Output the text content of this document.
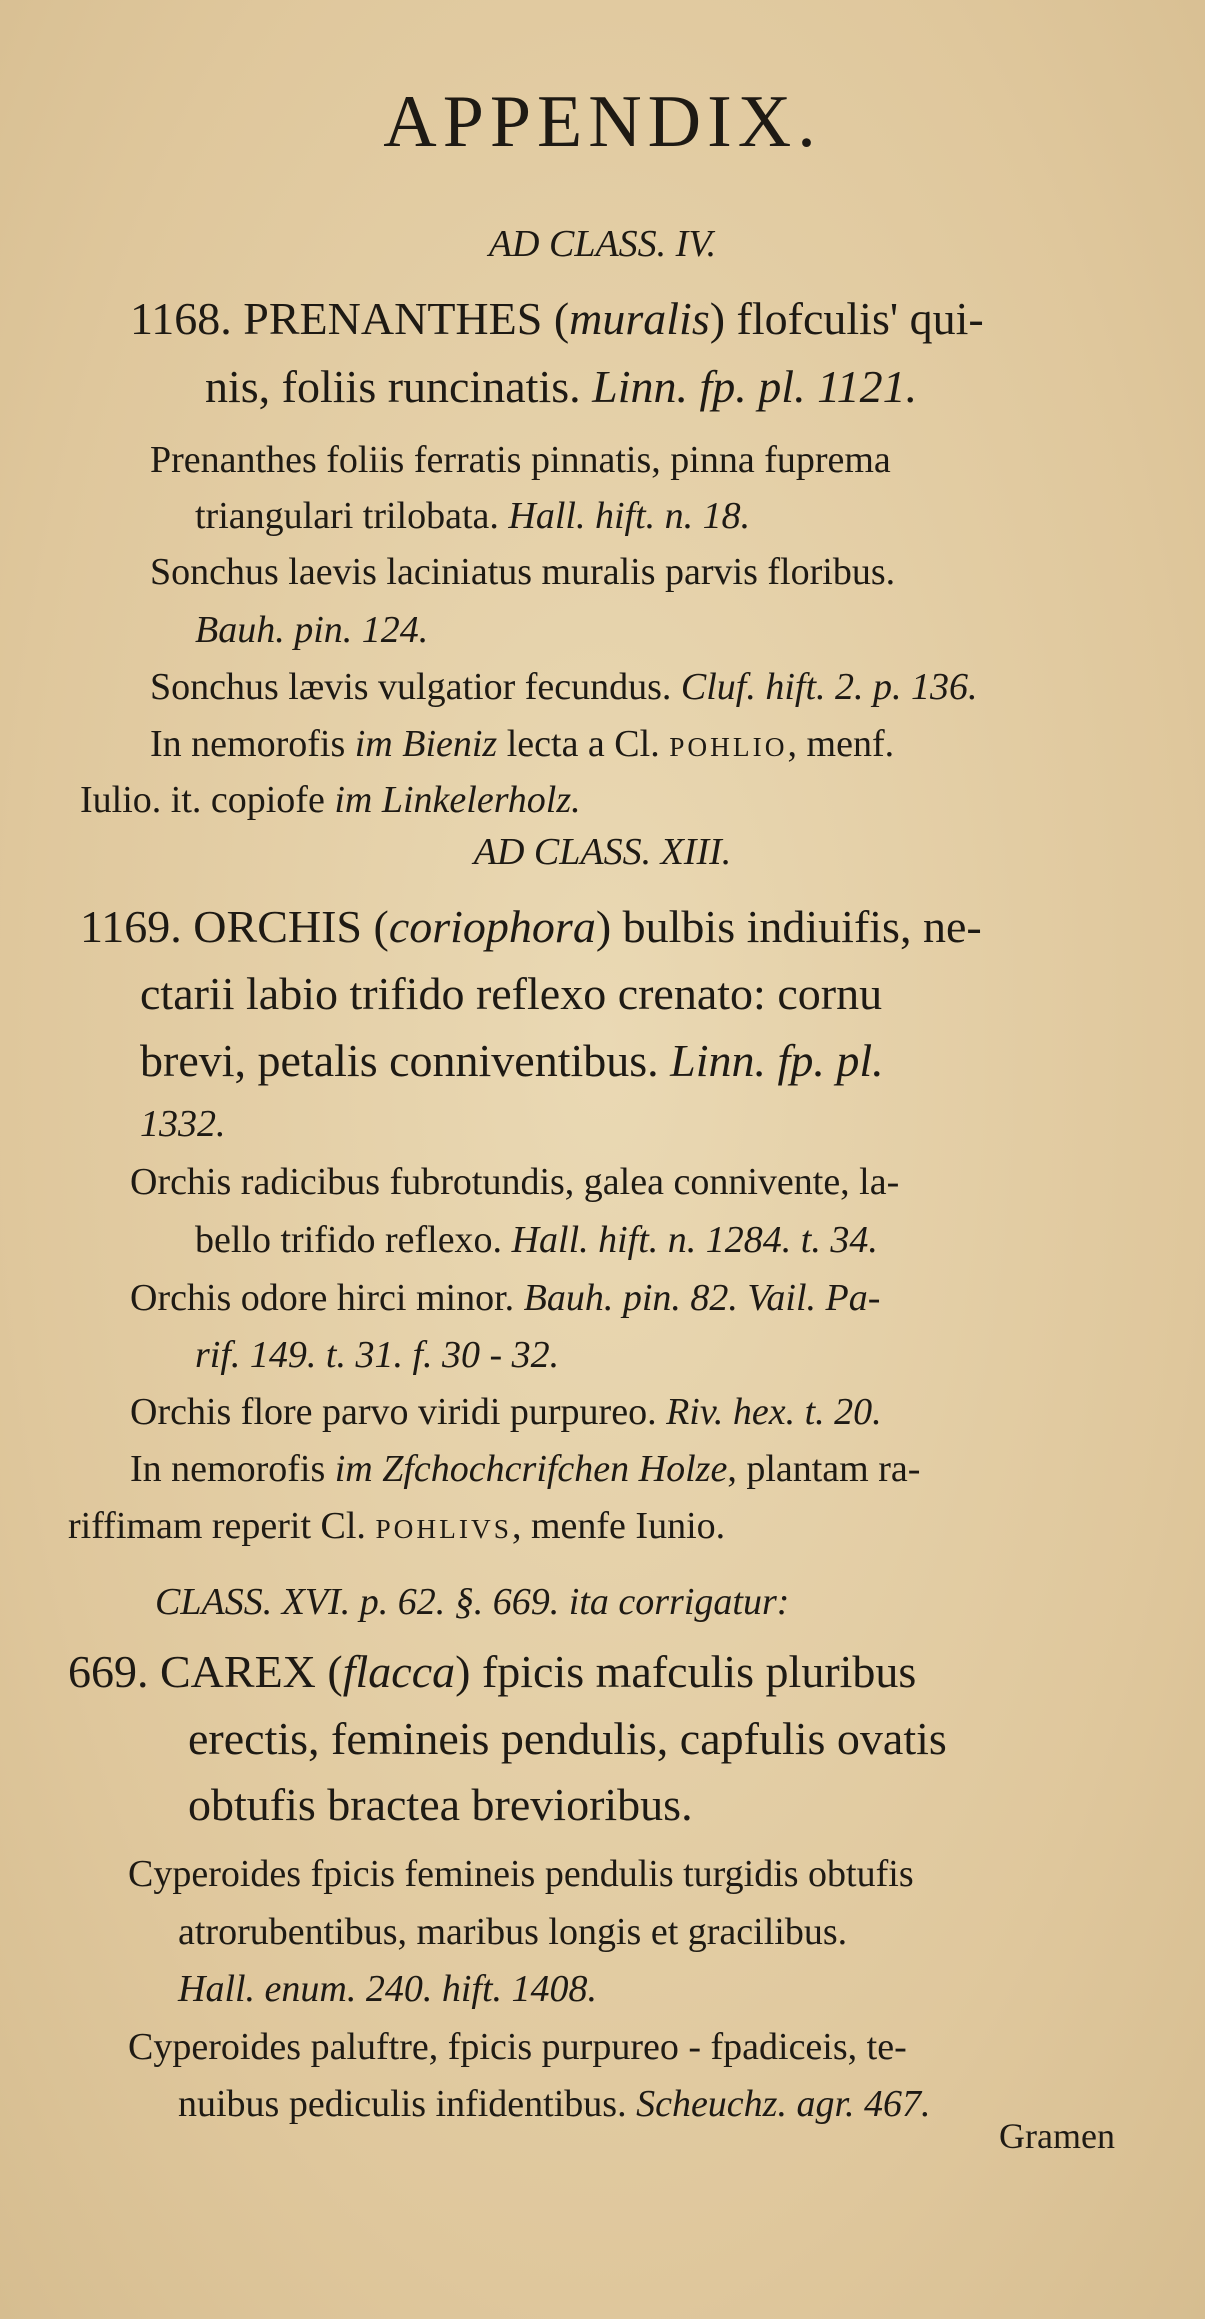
APPENDIX.
AD CLASS. IV.
1168. PRENANTHES (muralis) flofculis' qui-
nis, foliis runcinatis. Linn. fp. pl. 1121.
Prenanthes foliis ferratis pinnatis, pinna fuprema
triangulari trilobata. Hall. hift. n. 18.
Sonchus laevis laciniatus muralis parvis floribus.
Bauh. pin. 124.
Sonchus lævis vulgatior fecundus. Cluf. hift. 2. p. 136.
In nemorofis im Bieniz lecta a Cl. POHLIO, menf.
Iulio. it. copiofe im Linkelerholz.
AD CLASS. XIII.
1169. ORCHIS (coriophora) bulbis indiuifis, ne-
ctarii labio trifido reflexo crenato: cornu
brevi, petalis conniventibus. Linn. fp. pl.
1332.
Orchis radicibus fubrotundis, galea connivente, la-
bello trifido reflexo. Hall. hift. n. 1284. t. 34.
Orchis odore hirci minor. Bauh. pin. 82. Vail. Pa-
rif. 149. t. 31. f. 30 - 32.
Orchis flore parvo viridi purpureo. Riv. hex. t. 20.
In nemorofis im Zfchochcrifchen Holze, plantam ra-
riffimam reperit Cl. POHLIVS, menfe Iunio.
CLASS. XVI. p. 62. §. 669. ita corrigatur:
669. CAREX (flacca) fpicis mafculis pluribus
erectis, femineis pendulis, capfulis ovatis
obtufis bractea brevioribus.
Cyperoides fpicis femineis pendulis turgidis obtufis
atrorubentibus, maribus longis et gracilibus.
Hall. enum. 240. hift. 1408.
Cyperoides paluftre, fpicis purpureo - fpadiceis, te-
nuibus pediculis infidentibus. Scheuchz. agr. 467.
Gramen
